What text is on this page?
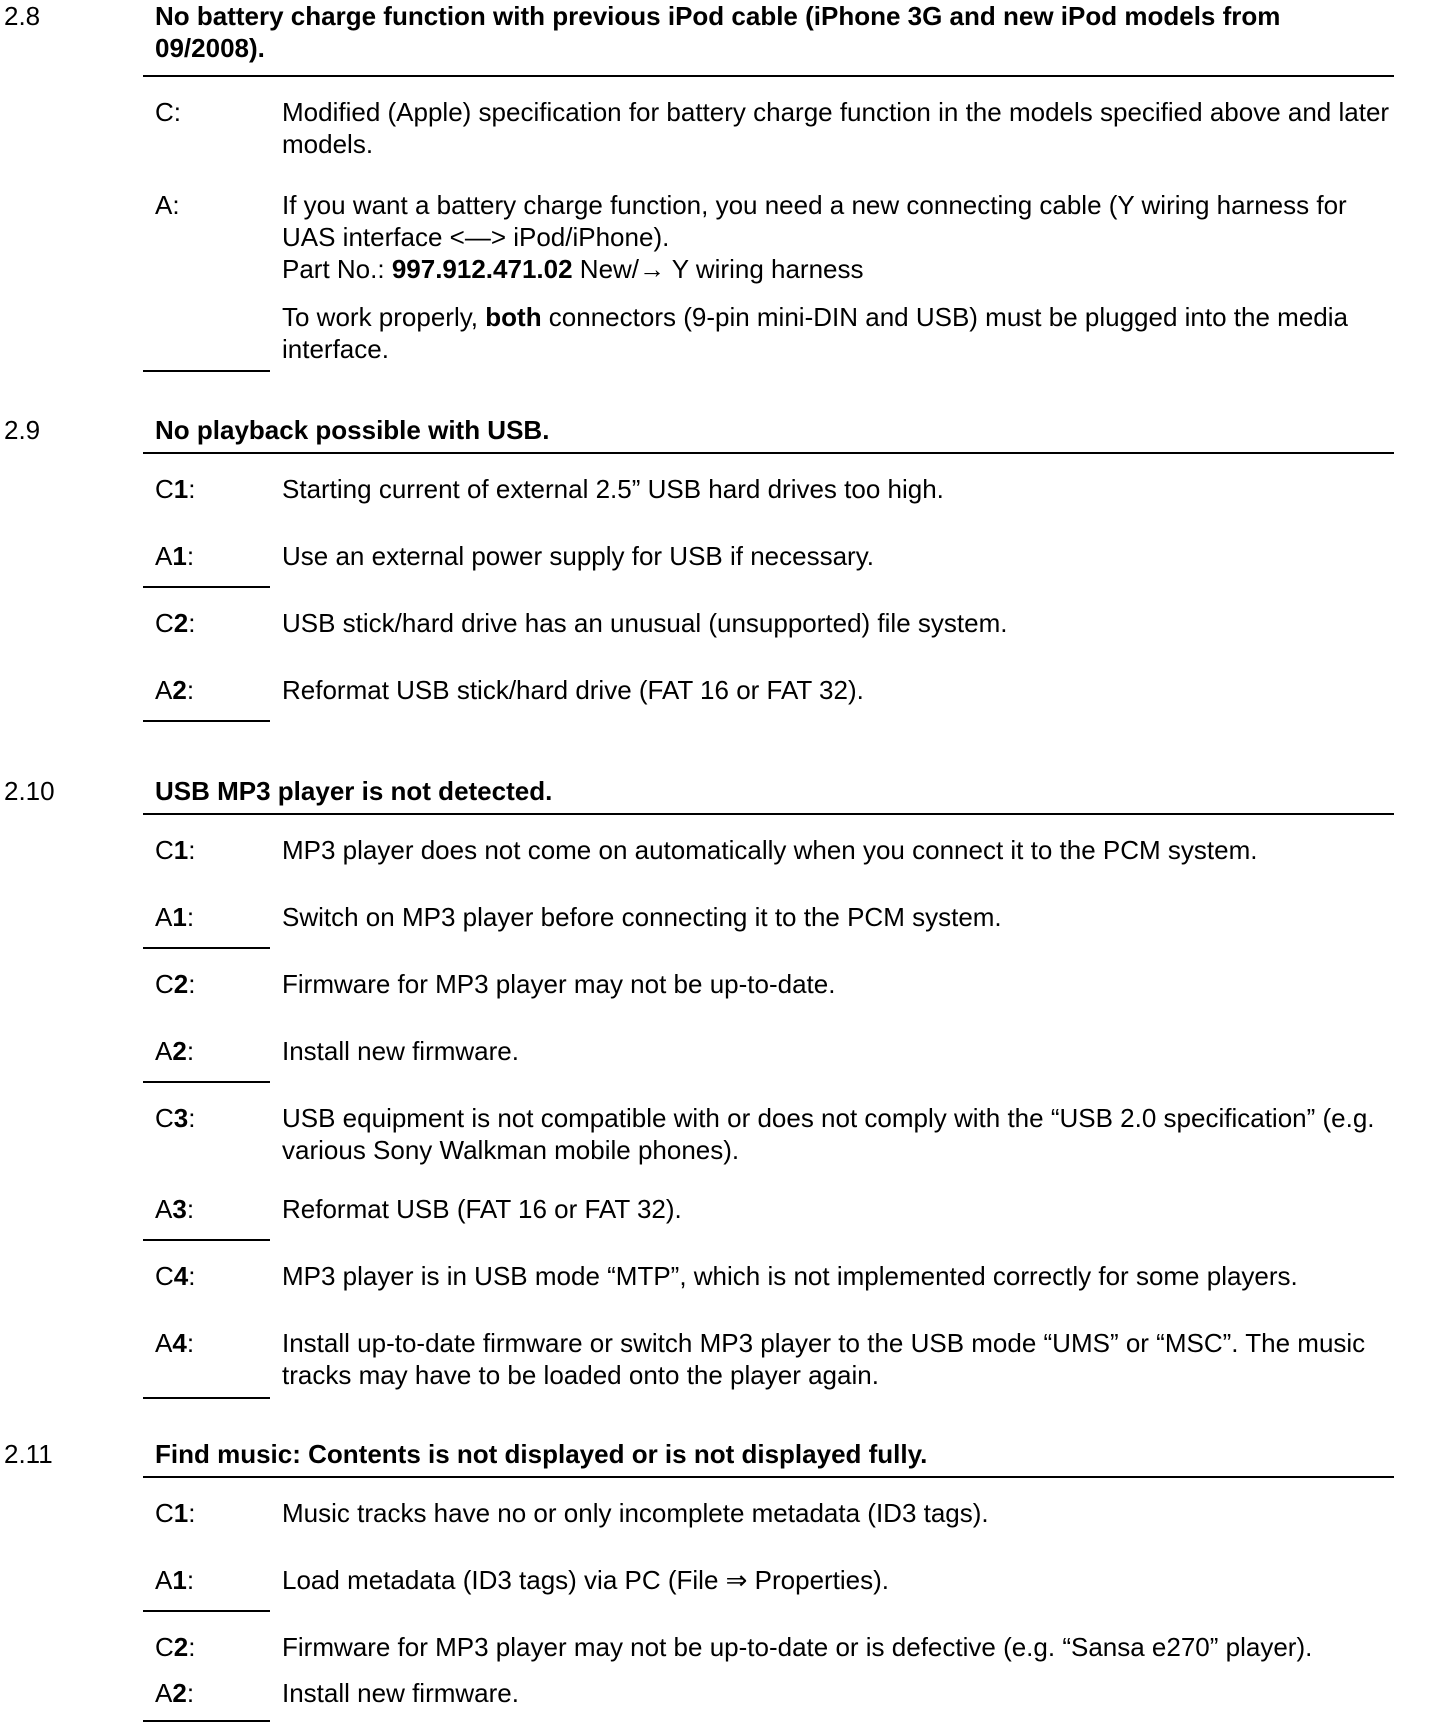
2.8	No battery charge function with previous iPod cable (iPhone 3G and new iPod models from 09/2008).
C:	Modified (Apple) specification for battery charge function in the models specified above and later models.
A:	If you want a battery charge function, you need a new connecting cable (Y wiring harness for UAS interface <—> iPod/iPhone).
Part No.: 997.912.471.02 New/→ Y wiring harness
To work properly, both connectors (9-pin mini-DIN and USB) must be plugged into the media interface.
2.9	No playback possible with USB.
C1:	Starting current of external 2.5” USB hard drives too high.
A1:	Use an external power supply for USB if necessary.
C2:	USB stick/hard drive has an unusual (unsupported) file system.
A2:	Reformat USB stick/hard drive (FAT 16 or FAT 32).
2.10	USB MP3 player is not detected.
C1:	MP3 player does not come on automatically when you connect it to the PCM system.
A1:	Switch on MP3 player before connecting it to the PCM system.
C2:	Firmware for MP3 player may not be up-to-date.
A2:	Install new firmware.
C3:	USB equipment is not compatible with or does not comply with the “USB 2.0 specification” (e.g. various Sony Walkman mobile phones).
A3:	Reformat USB (FAT 16 or FAT 32).
C4:	MP3 player is in USB mode “MTP”, which is not implemented correctly for some players.
A4:	Install up-to-date firmware or switch MP3 player to the USB mode “UMS” or “MSC”. The music tracks may have to be loaded onto the player again.
2.11	Find music: Contents is not displayed or is not displayed fully.
C1:	Music tracks have no or only incomplete metadata (ID3 tags).
A1:	Load metadata (ID3 tags) via PC (File ⇒ Properties).
C2:	Firmware for MP3 player may not be up-to-date or is defective (e.g. “Sansa e270” player).
A2:	Install new firmware.
